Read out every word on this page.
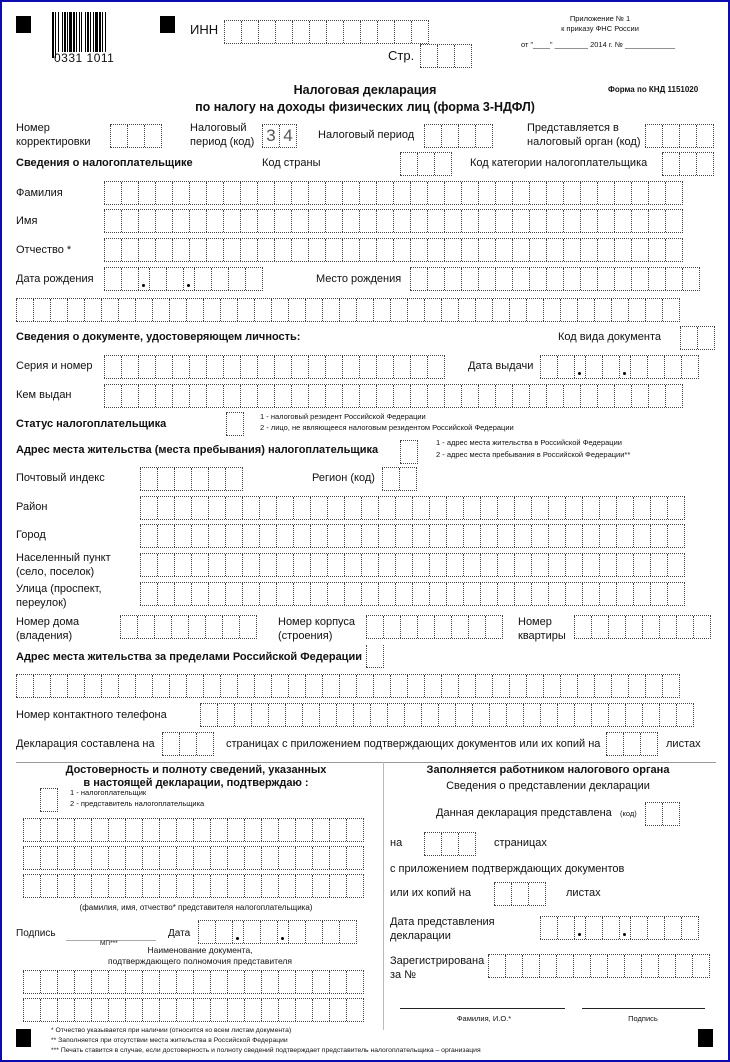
0331 1011
ИНН
Стр.
Приложение № 1
к приказу ФНС России
от "____" ________ 2014 г. № ____________
Налоговая декларация
по налогу на доходы физических лиц (форма 3-НДФЛ)
Форма по КНД 1151020
Номер
корректировки
Налоговый
период (код) 3 4 Налоговый период
Представляется в
налоговый орган (код)
Сведения о налогоплательщике	Код страны	Код категории налогоплательщика
Фамилия
Имя
Отчество *
Дата рождения	Место рождения
Сведения о документе, удостоверяющем личность:	Код вида документа
Серия и номер	Дата выдачи
Кем выдан
Статус налогоплательщика
1 - налоговый резидент Российской Федерации
2 - лицо, не являющееся налоговым резидентом Российской Федерации
Адрес места жительства (места пребывания) налогоплательщика
1 - адрес места жительства в Российской Федерации
2 - адрес места пребывания в Российской Федерации**
Почтовый индекс	Регион (код)
Район
Город
Населенный пункт
(село, поселок)
Улица (проспект,
переулок)
Номер дома
(владения)
Номер корпуса
(строения)
Номер
квартиры
Адрес места жительства за пределами Российской Федерации
Номер контактного телефона
Декларация составлена на	страницах с приложением подтверждающих документов или их копий на	листах
Достоверность и полноту сведений, указанных
в настоящей декларации, подтверждаю :
1 - налогоплательщик
2 - представитель налогоплательщика
(фамилия, имя, отчество* представителя налогоплательщика)
Подпись	Дата
МП***
Наименование документа,
подтверждающего полномочия представителя
Заполняется работником налогового органа
Сведения о представлении декларации
Данная декларация представлена (код)
на	страницах
с приложением подтверждающих документов
или их копий на	листах
Дата представления
декларации
Зарегистрирована
за №
Фамилия, И.О.*	Подпись
* Отчество указывается при наличии (относится ко всем листам документа)
** Заполняется при отсутствии места жительства в Российской Федерации
*** Печать ставится в случае, если достоверность и полноту сведений подтверждает представитель налогоплательщика – организация
